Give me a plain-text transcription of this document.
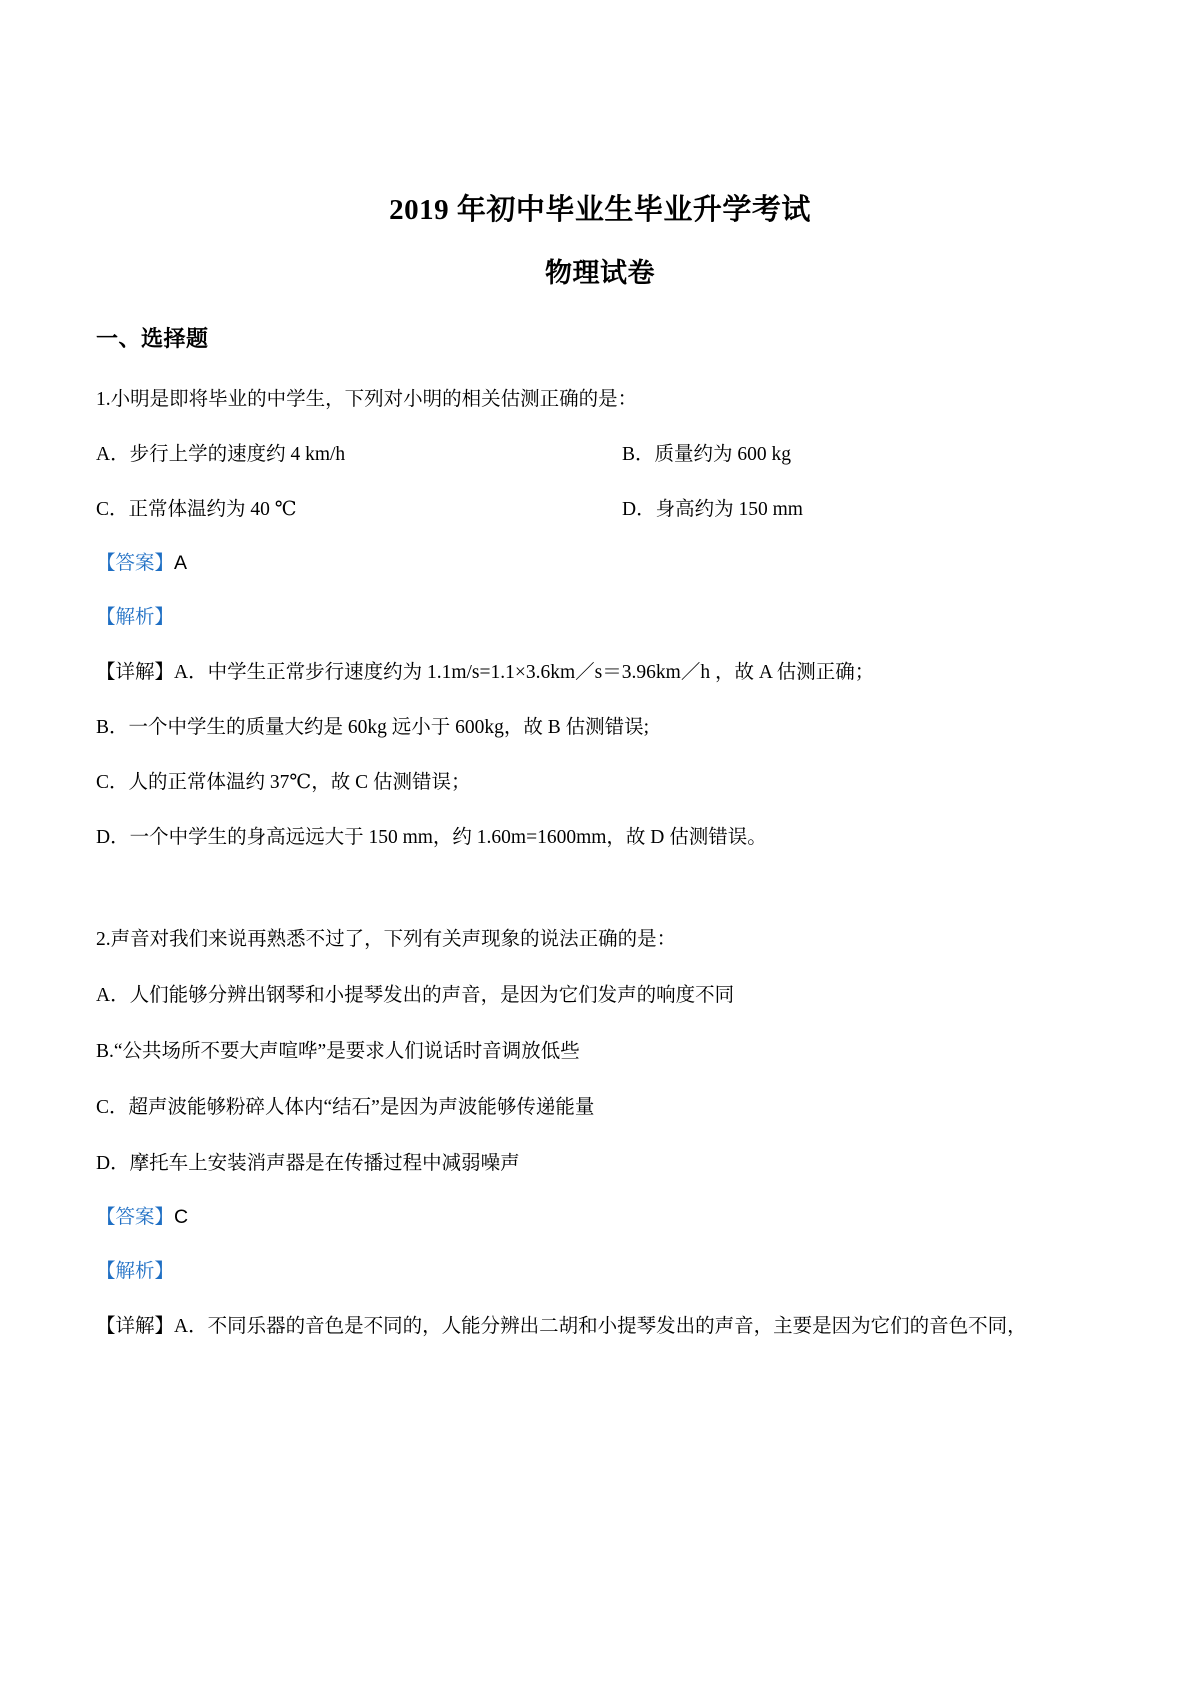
2019 年初中毕业生毕业升学考试
物理试卷

一、选择题

1.小明是即将毕业的中学生，下列对小明的相关估测正确的是：

A．步行上学的速度约 4 km/h	B．质量约为 600 kg
C．正常体温约为 40 ℃	D．身高约为 150 mm

【答案】A

【解析】

【详解】A．中学生正常步行速度约为 1.1m/s=1.1×3.6km／s＝3.96km／h ，故 A 估测正确；

B．一个中学生的质量大约是 60kg 远小于 600kg，故 B 估测错误;

C．人的正常体温约 37℃，故 C 估测错误；

D．一个中学生的身高远远大于 150 mm，约 1.60m=1600mm，故 D 估测错误。

2.声音对我们来说再熟悉不过了，下列有关声现象的说法正确的是：

A．人们能够分辨出钢琴和小提琴发出的声音，是因为它们发声的响度不同

B.“公共场所不要大声喧哗”是要求人们说话时音调放低些

C．超声波能够粉碎人体内“结石”是因为声波能够传递能量

D．摩托车上安装消声器是在传播过程中减弱噪声

【答案】C

【解析】

【详解】A．不同乐器的音色是不同的，人能分辨出二胡和小提琴发出的声音，主要是因为它们的音色不同，
